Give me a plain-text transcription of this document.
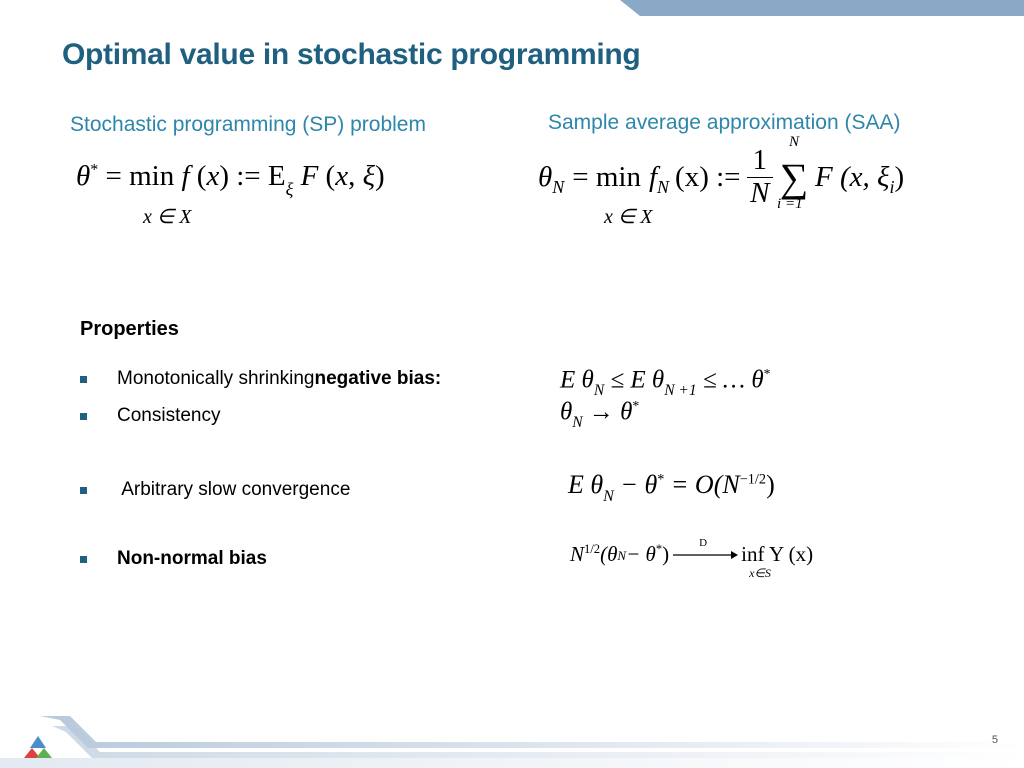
Optimal value in stochastic programming
Stochastic programming (SP) problem
θ* = min f (x) := $E_\xi$ F (x, ξ)
x ∈ X
Sample average approximation (SAA)
θ N = min f N (x) := $\frac{1}{N}$
N
∑
i =1
F (x, ξ i )
x ∈ X
Properties
Monotonically shrinking negative bias:
Consistency
Arbitrary slow convergence
Non-normal bias
E $\theta_N \le E$ $\theta_{N +1}$ ≤ … θ*
$\theta_N \to \theta^*$
E $\theta_N - \theta^* = O(N^{-1/2})$
$N^{1/2}$ (θ N − θ* )	D inf Y (x)
x∈S
5
